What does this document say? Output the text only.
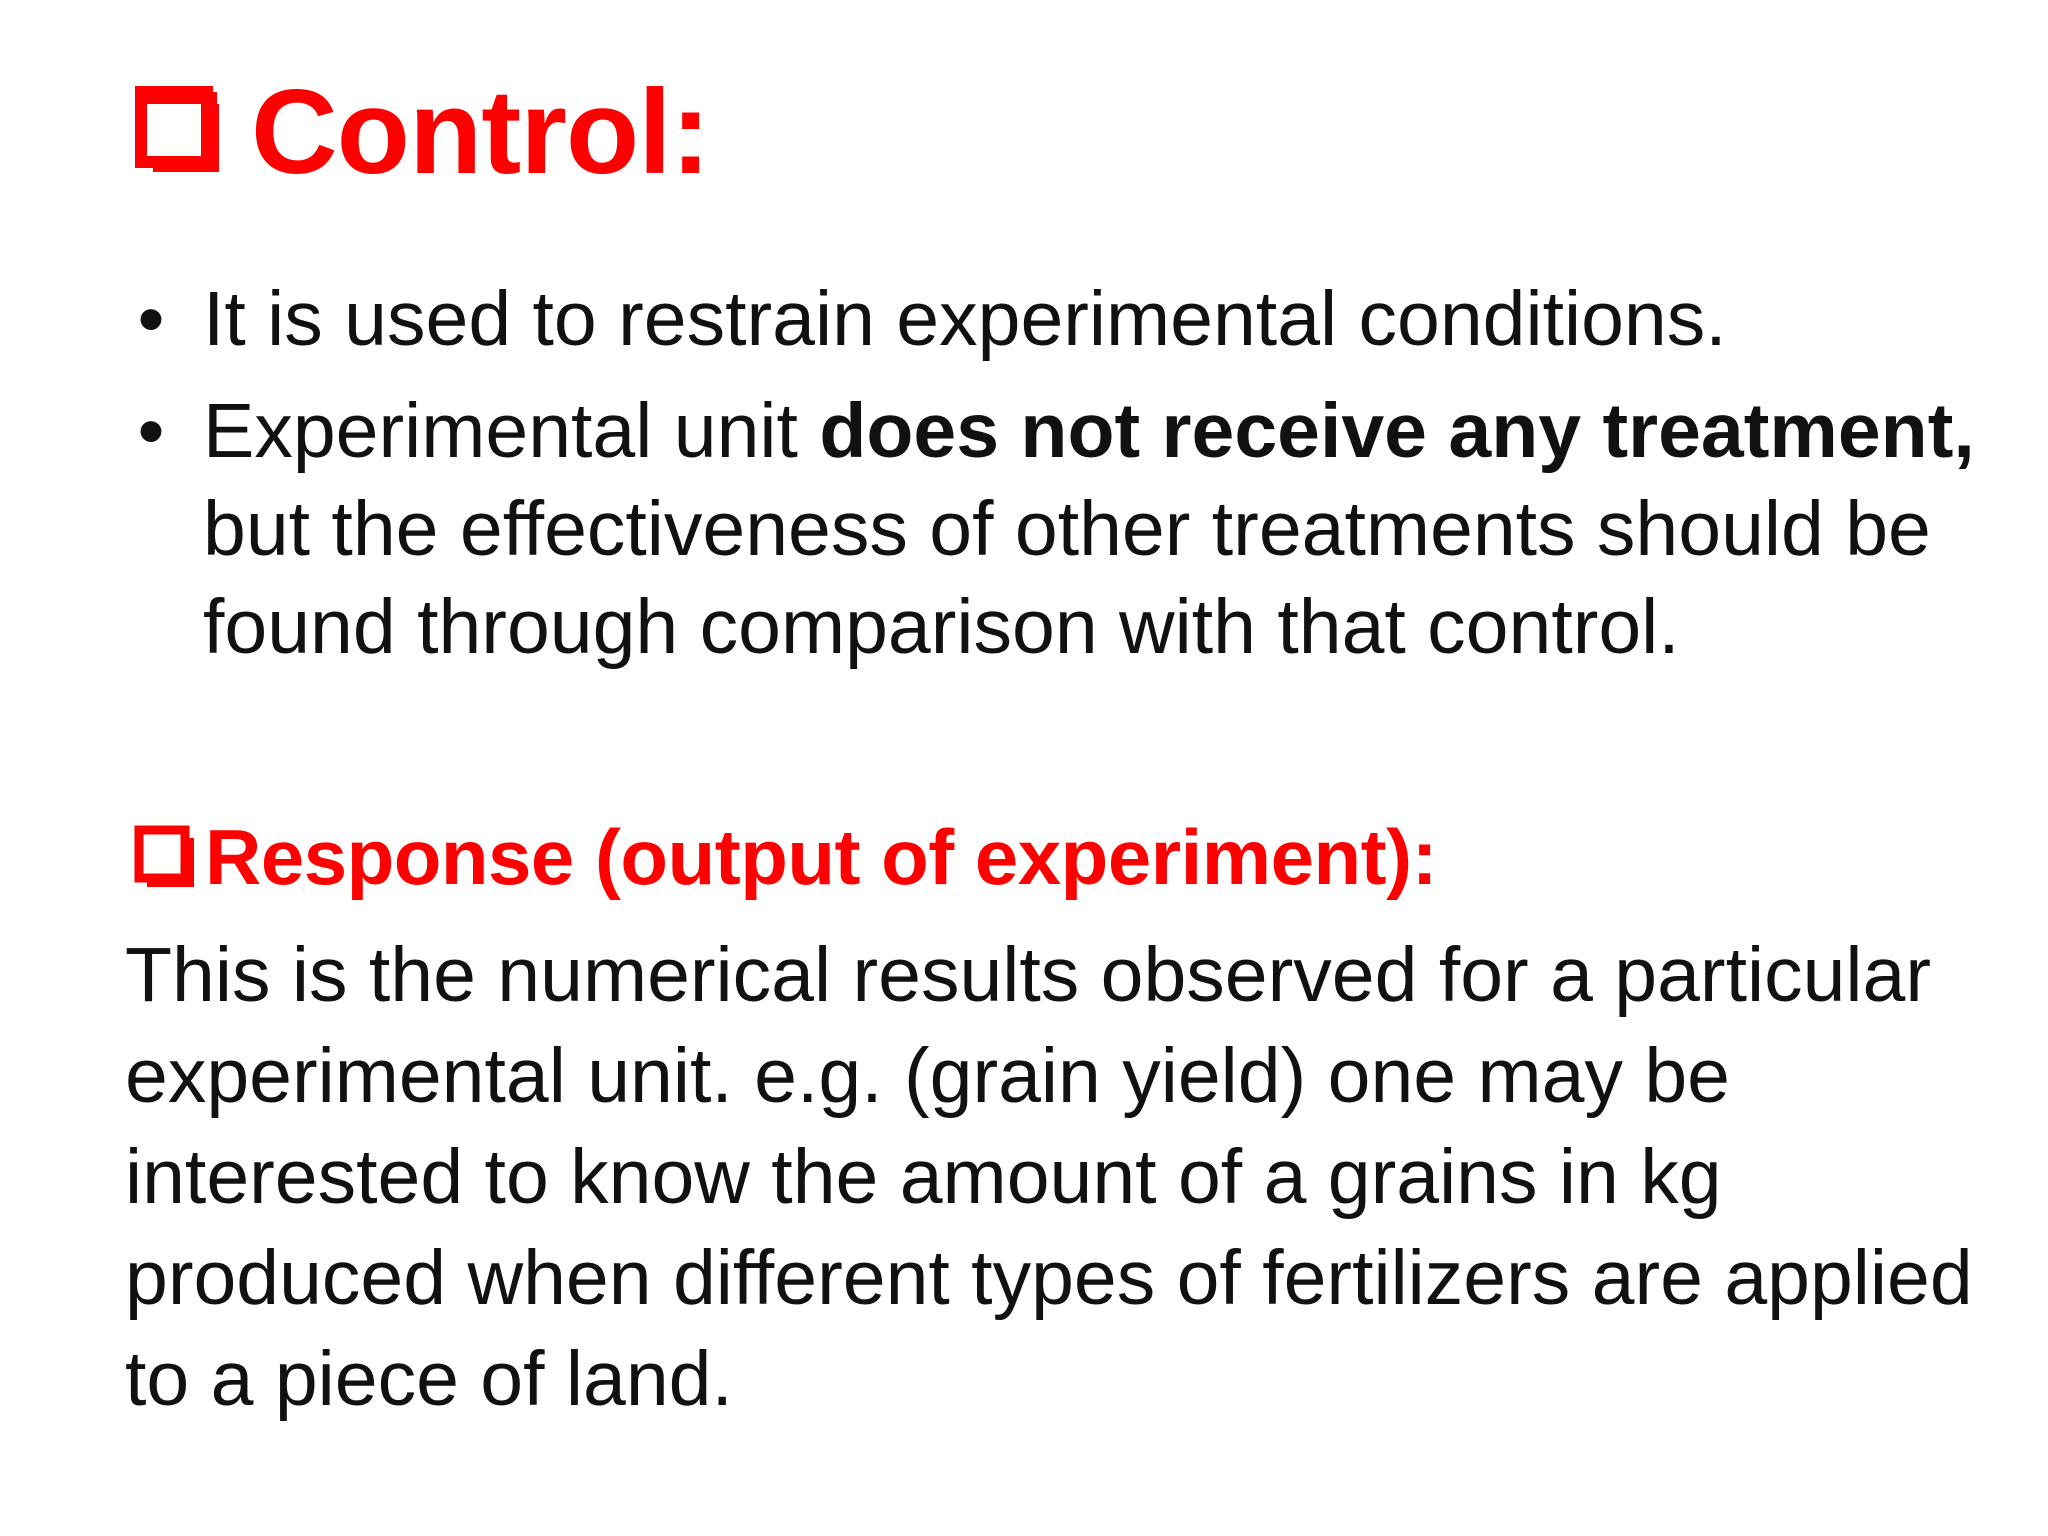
Control:
• It is used to restrain experimental conditions.
• Experimental unit does not receive any treatment, but the effectiveness of other treatments should be found through comparison with that control.
Response (output of experiment):

This is the numerical results observed for a particular experimental unit. e.g. (grain yield) one may be interested to know the amount of a grains in kg produced when different types of fertilizers are applied to a piece of land.
